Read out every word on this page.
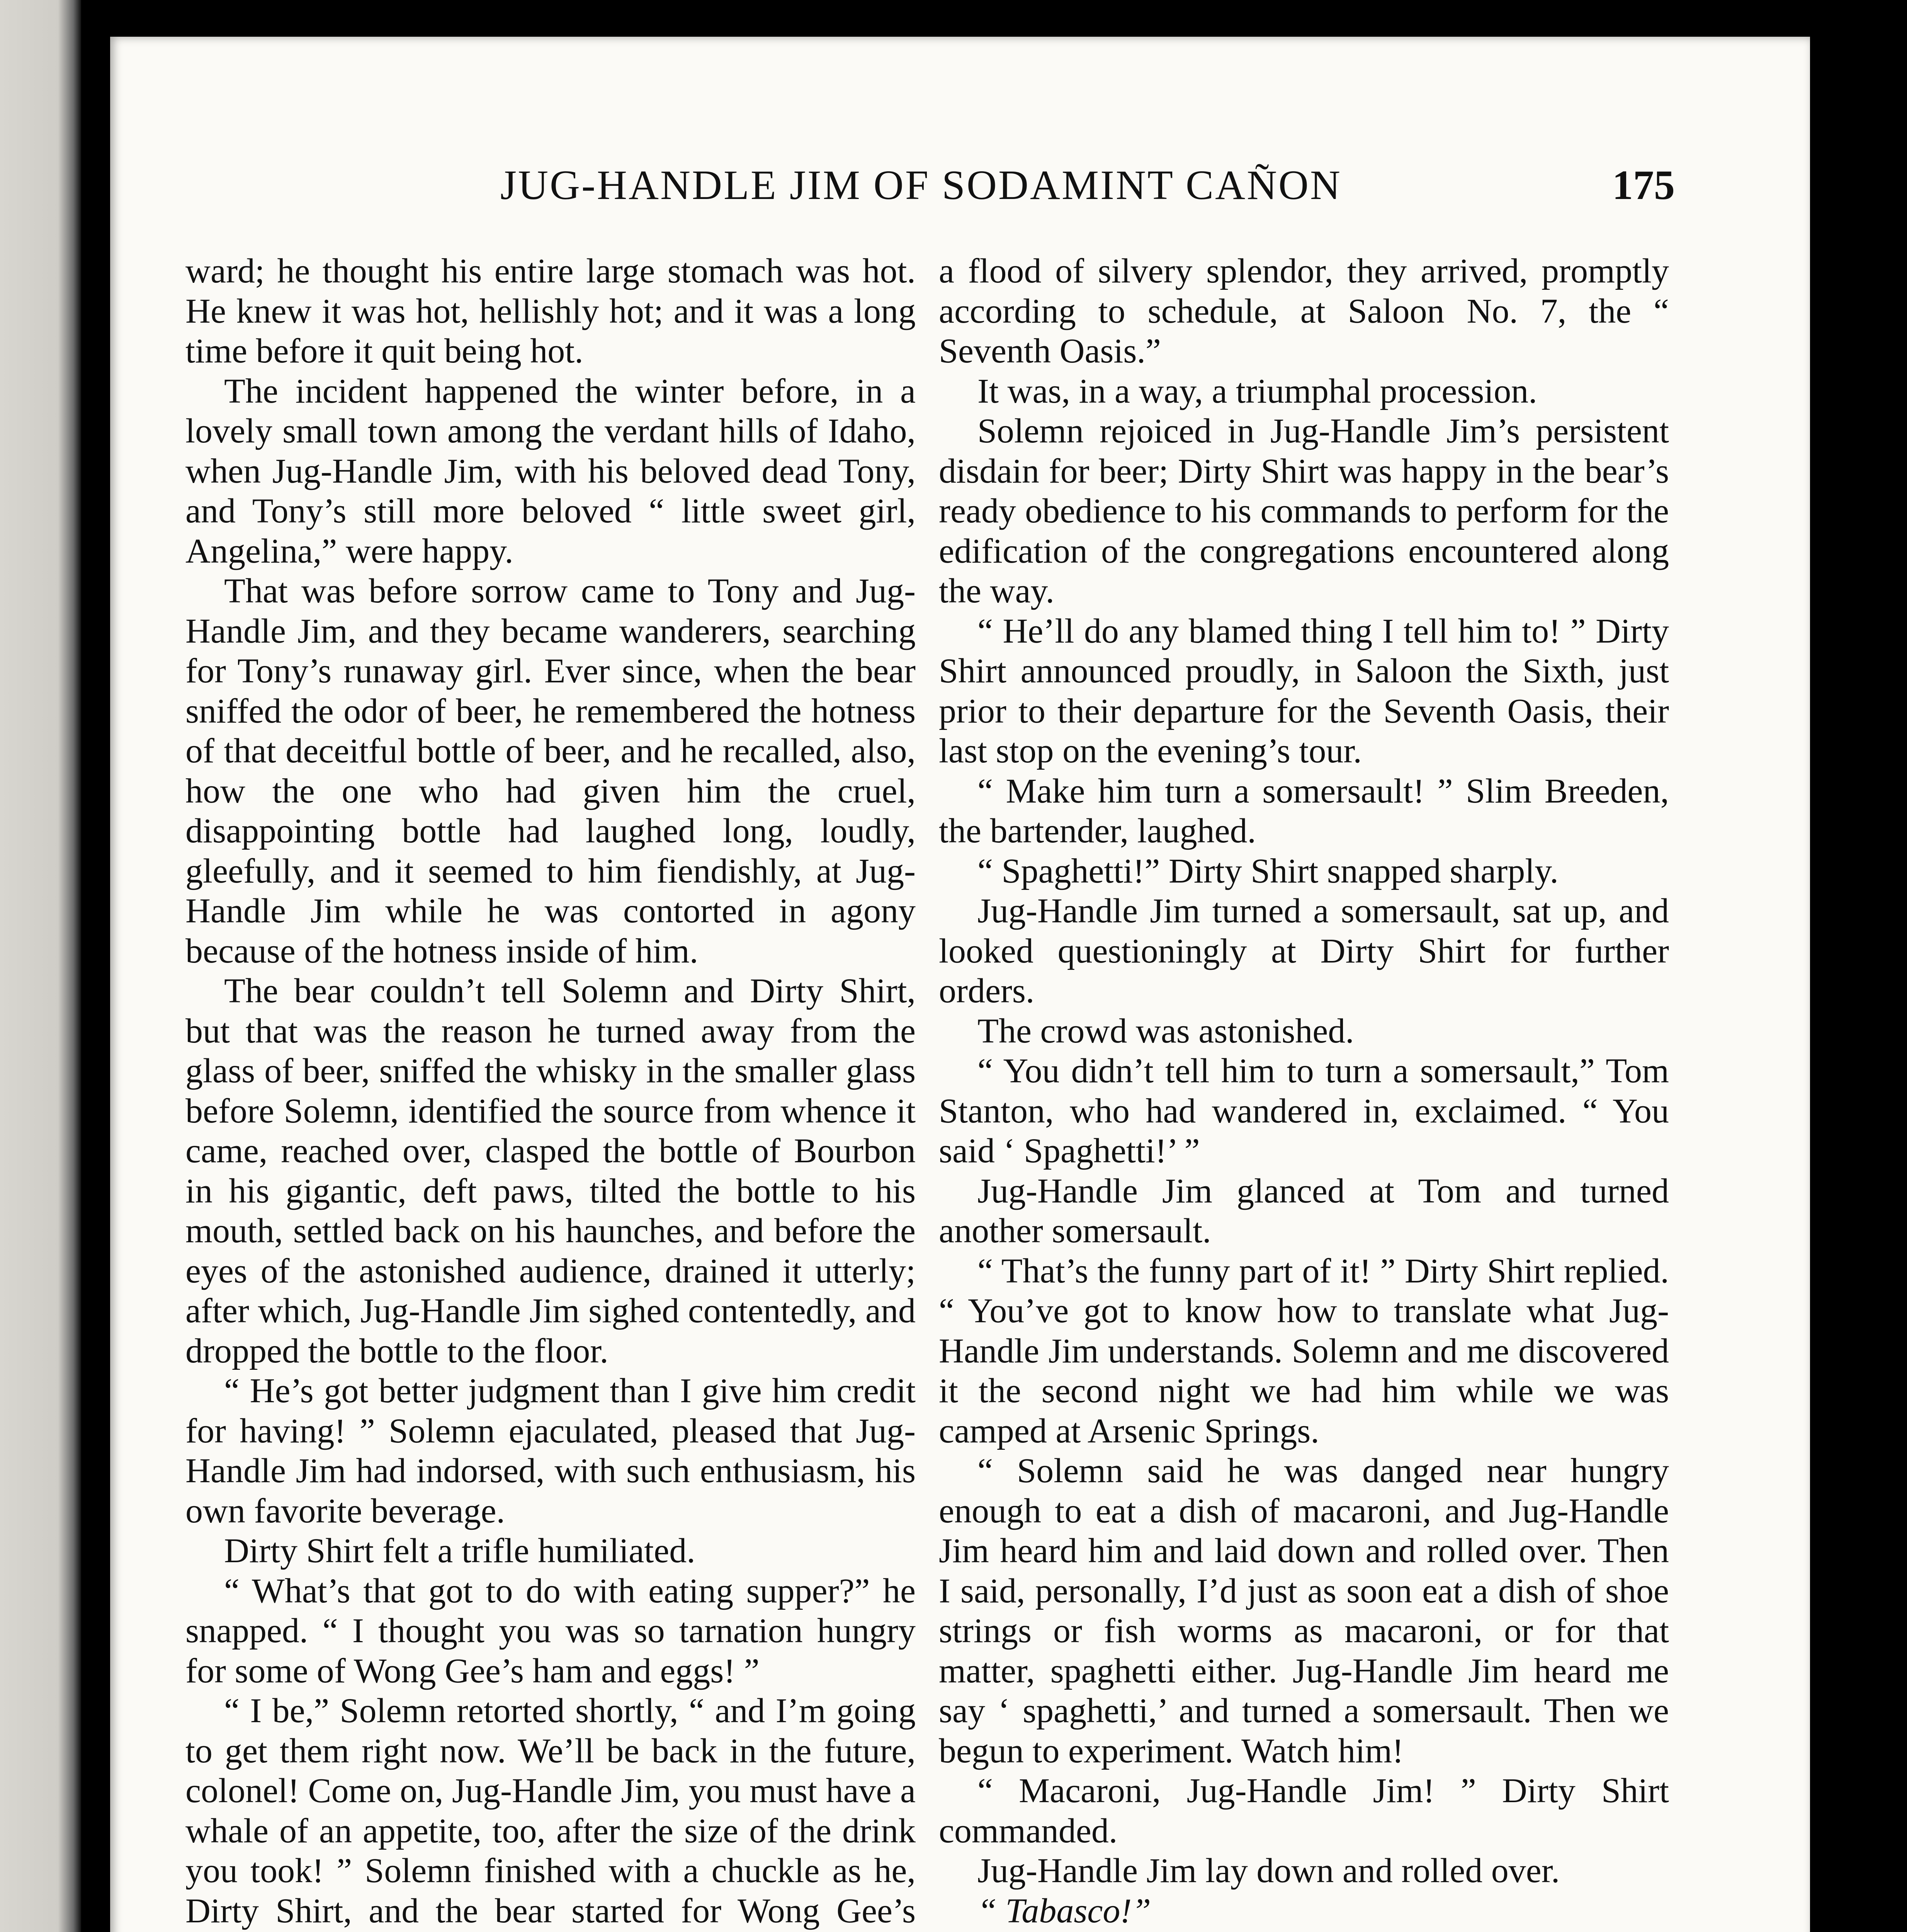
JUG-HANDLE JIM OF SODAMINT CAÑON	175

ward; he thought his entire large stomach was hot. He knew it was hot, hellishly hot; and it was a long time before it quit being hot.

The incident happened the winter before, in a lovely small town among the verdant hills of Idaho, when Jug-Handle Jim, with his beloved dead Tony, and Tony’s still more beloved “ little sweet girl, Angelina,” were happy.

That was before sorrow came to Tony and Jug-Handle Jim, and they became wanderers, searching for Tony’s runaway girl. Ever since, when the bear sniffed the odor of beer, he remembered the hotness of that deceitful bottle of beer, and he recalled, also, how the one who had given him the cruel, disappointing bottle had laughed long, loudly, gleefully, and it seemed to him fiendishly, at Jug-Handle Jim while he was contorted in agony because of the hotness inside of him.

The bear couldn’t tell Solemn and Dirty Shirt, but that was the reason he turned away from the glass of beer, sniffed the whisky in the smaller glass before Solemn, identified the source from whence it came, reached over, clasped the bottle of Bourbon in his gigantic, deft paws, tilted the bottle to his mouth, settled back on his haunches, and before the eyes of the astonished audience, drained it utterly; after which, Jug-Handle Jim sighed contentedly, and dropped the bottle to the floor.

“ He’s got better judgment than I give him credit for having! ” Solemn ejaculated, pleased that Jug-Handle Jim had indorsed, with such enthusiasm, his own favorite beverage.

Dirty Shirt felt a trifle humiliated.

“ What’s that got to do with eating supper?” he snapped. “ I thought you was so tarnation hungry for some of Wong Gee’s ham and eggs! ”

“ I be,” Solemn retorted shortly, “ and I’m going to get them right now. We’ll be back in the future, colonel! Come on, Jug-Handle Jim, you must have a whale of an appetite, too, after the size of the drink you took! ” Solemn finished with a chuckle as he, Dirty Shirt, and the bear started for Wong Gee’s

a flood of silvery splendor, they arrived, promptly according to schedule, at Saloon No. 7, the “ Seventh Oasis.”

It was, in a way, a triumphal procession.

Solemn rejoiced in Jug-Handle Jim’s persistent disdain for beer; Dirty Shirt was happy in the bear’s ready obedience to his commands to perform for the edification of the congregations encountered along the way.

“ He’ll do any blamed thing I tell him to! ” Dirty Shirt announced proudly, in Saloon the Sixth, just prior to their departure for the Seventh Oasis, their last stop on the evening’s tour.

“ Make him turn a somersault! ” Slim Breeden, the bartender, laughed.

“ Spaghetti!” Dirty Shirt snapped sharply.

Jug-Handle Jim turned a somersault, sat up, and looked questioningly at Dirty Shirt for further orders.

The crowd was astonished.

“ You didn’t tell him to turn a somersault,” Tom Stanton, who had wandered in, exclaimed. “ You said ‘ Spaghetti!’ ”

Jug-Handle Jim glanced at Tom and turned another somersault.

“ That’s the funny part of it! ” Dirty Shirt replied. “ You’ve got to know how to translate what Jug-Handle Jim understands. Solemn and me discovered it the second night we had him while we was camped at Arsenic Springs.

“ Solemn said he was danged near hungry enough to eat a dish of macaroni, and Jug-Handle Jim heard him and laid down and rolled over. Then I said, personally, I’d just as soon eat a dish of shoe strings or fish worms as macaroni, or for that matter, spaghetti either. Jug-Handle Jim heard me say ‘ spaghetti,’ and turned a somersault. Then we begun to experiment. Watch him!

“ Macaroni, Jug-Handle Jim! ” Dirty Shirt commanded.

Jug-Handle Jim lay down and rolled over.

“ Tabasco!”
